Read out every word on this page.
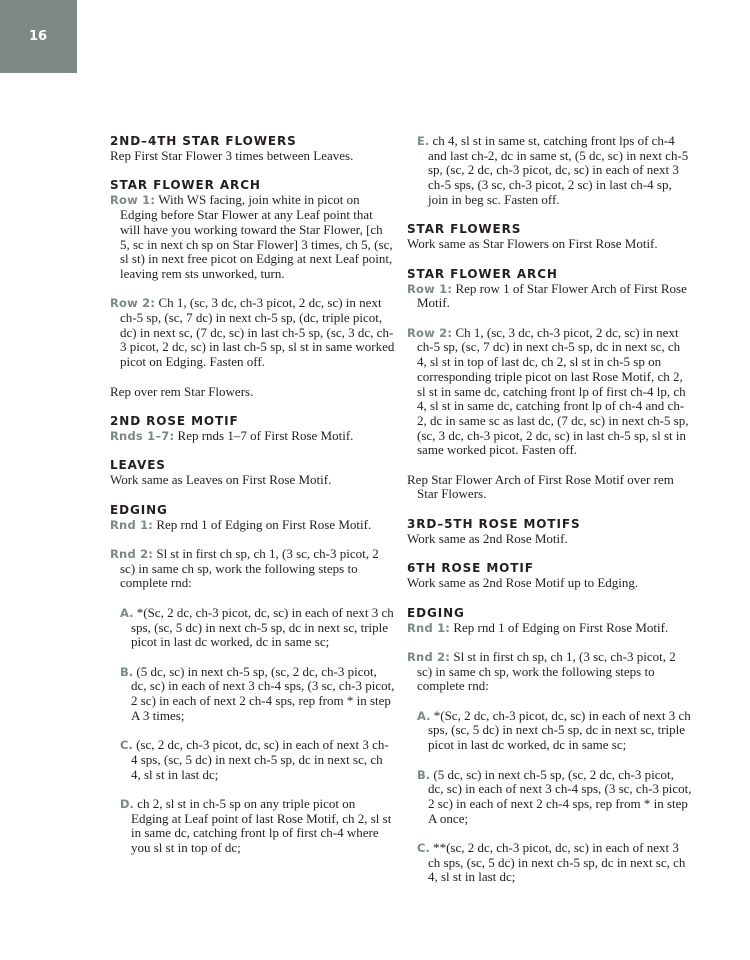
16
2ND–4TH STAR FLOWERS

Rep First Star Flower 3 times between Leaves.

STAR FLOWER ARCH

Row 1: With WS facing, join white in picot on Edging before Star Flower at any Leaf point that will have you working toward the Star Flower, [ch 5, sc in next ch sp on Star Flower] 3 times, ch 5, (sc, sl st) in next free picot on Edging at next Leaf point, leaving rem sts unworked, turn.

Row 2: Ch 1, (sc, 3 dc, ch-3 picot, 2 dc, sc) in next ch-5 sp, (sc, 7 dc) in next ch-5 sp, (dc, triple picot, dc) in next sc, (7 dc, sc) in last ch-5 sp, (sc, 3 dc, ch-3 picot, 2 dc, sc) in last ch-5 sp, sl st in same worked picot on Edging. Fasten off.

Rep over rem Star Flowers.

2ND ROSE MOTIF

Rnds 1–7: Rep rnds 1–7 of First Rose Motif.

LEAVES

Work same as Leaves on First Rose Motif.

EDGING

Rnd 1: Rep rnd 1 of Edging on First Rose Motif.

Rnd 2: Sl st in first ch sp, ch 1, (3 sc, ch-3 picot, 2 sc) in same ch sp, work the following steps to complete rnd:

A. *(Sc, 2 dc, ch-3 picot, dc, sc) in each of next 3 ch sps, (sc, 5 dc) in next ch-5 sp, dc in next sc, triple picot in last dc worked, dc in same sc;

B. (5 dc, sc) in next ch-5 sp, (sc, 2 dc, ch-3 picot, dc, sc) in each of next 3 ch-4 sps, (3 sc, ch-3 picot, 2 sc) in each of next 2 ch-4 sps, rep from * in step A 3 times;

C. (sc, 2 dc, ch-3 picot, dc, sc) in each of next 3 ch-4 sps, (sc, 5 dc) in next ch-5 sp, dc in next sc, ch 4, sl st in last dc;

D. ch 2, sl st in ch-5 sp on any triple picot on Edging at Leaf point of last Rose Motif, ch 2, sl st in same dc, catching front lp of first ch-4 where you sl st in top of dc;

E. ch 4, sl st in same st, catching front lps of ch-4 and last ch-2, dc in same st, (5 dc, sc) in next ch-5 sp, (sc, 2 dc, ch-3 picot, dc, sc) in each of next 3 ch-5 sps, (3 sc, ch-3 picot, 2 sc) in last ch-4 sp, join in beg sc. Fasten off.

STAR FLOWERS

Work same as Star Flowers on First Rose Motif.

STAR FLOWER ARCH

Row 1: Rep row 1 of Star Flower Arch of First Rose Motif.

Row 2: Ch 1, (sc, 3 dc, ch-3 picot, 2 dc, sc) in next ch-5 sp, (sc, 7 dc) in next ch-5 sp, dc in next sc, ch 4, sl st in top of last dc, ch 2, sl st in ch-5 sp on corresponding triple picot on last Rose Motif, ch 2, sl st in same dc, catching front lp of first ch-4 lp, ch 4, sl st in same dc, catching front lp of ch-4 and ch-2, dc in same sc as last dc, (7 dc, sc) in next ch-5 sp, (sc, 3 dc, ch-3 picot, 2 dc, sc) in last ch-5 sp, sl st in same worked picot. Fasten off.

Rep Star Flower Arch of First Rose Motif over rem Star Flowers.

3RD–5TH ROSE MOTIFS

Work same as 2nd Rose Motif.

6TH ROSE MOTIF

Work same as 2nd Rose Motif up to Edging.

EDGING

Rnd 1: Rep rnd 1 of Edging on First Rose Motif.

Rnd 2: Sl st in first ch sp, ch 1, (3 sc, ch-3 picot, 2 sc) in same ch sp, work the following steps to complete rnd:

A. *(Sc, 2 dc, ch-3 picot, dc, sc) in each of next 3 ch sps, (sc, 5 dc) in next ch-5 sp, dc in next sc, triple picot in last dc worked, dc in same sc;

B. (5 dc, sc) in next ch-5 sp, (sc, 2 dc, ch-3 picot, dc, sc) in each of next 3 ch-4 sps, (3 sc, ch-3 picot, 2 sc) in each of next 2 ch-4 sps, rep from * in step A once;

C. **(sc, 2 dc, ch-3 picot, dc, sc) in each of next 3 ch sps, (sc, 5 dc) in next ch-5 sp, dc in next sc, ch 4, sl st in last dc;
